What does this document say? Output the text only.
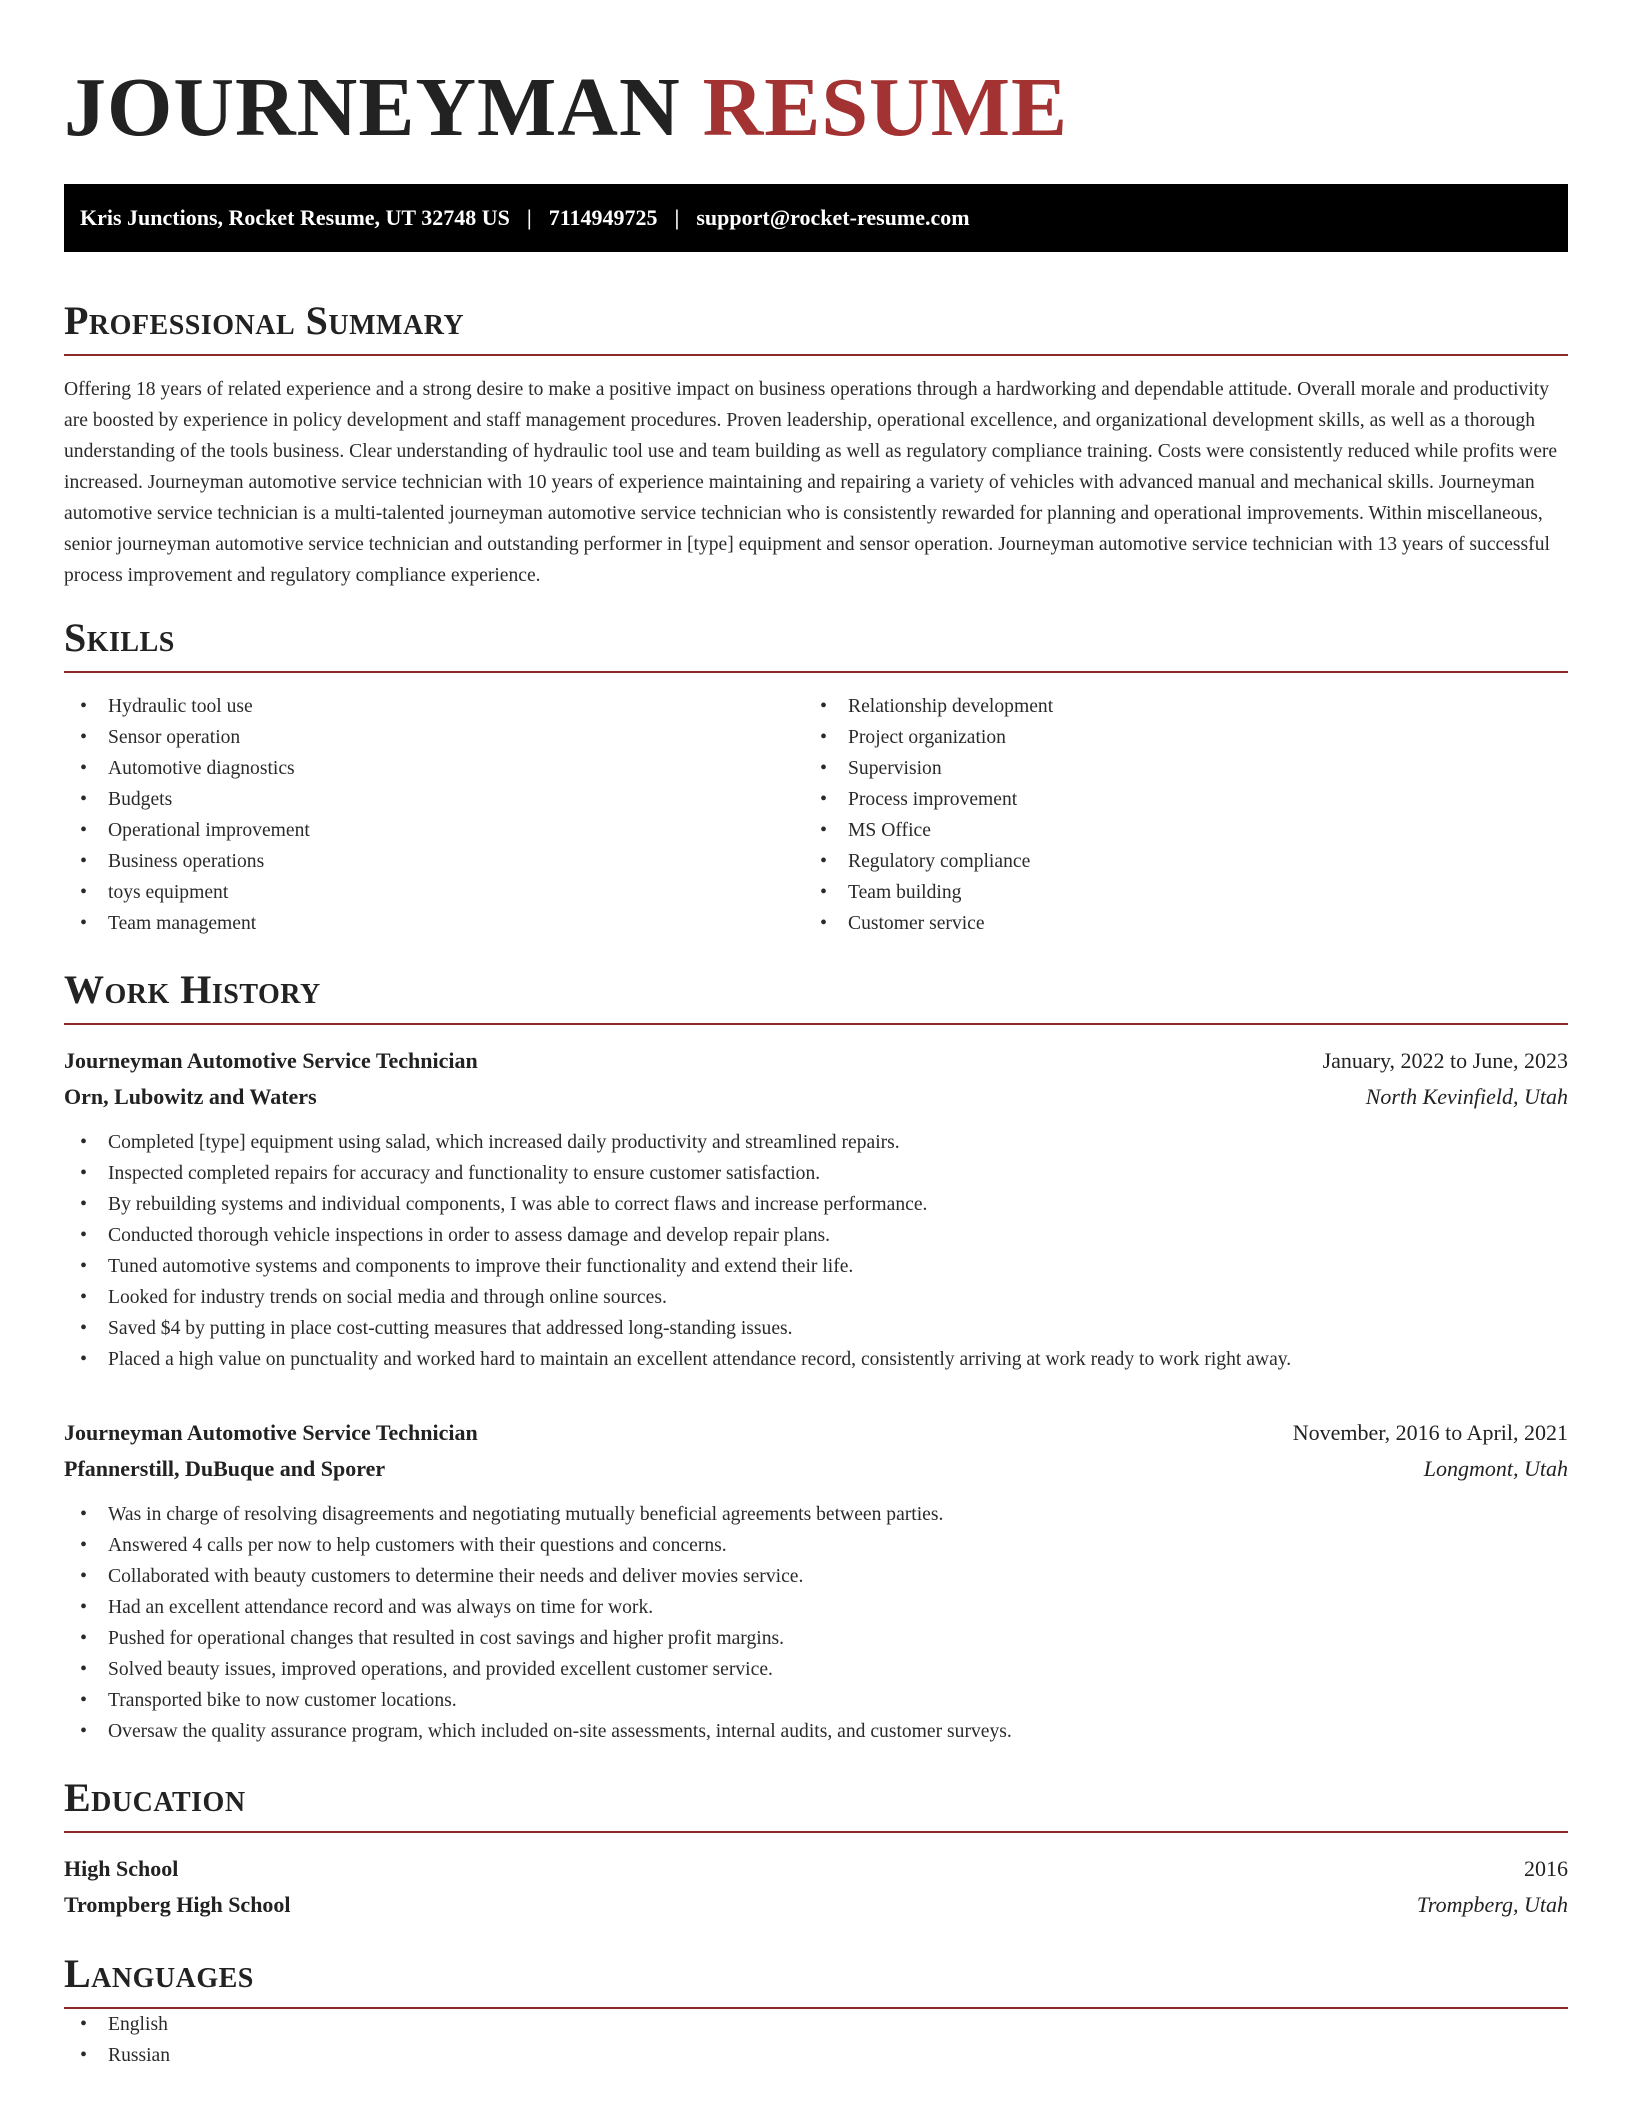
JOURNEYMAN RESUME
Kris Junctions, Rocket Resume, UT 32748 US | 7114949725 | support@rocket-resume.com
Professional Summary

Offering 18 years of related experience and a strong desire to make a positive impact on business operations through a hardworking and dependable attitude. Overall morale and productivity are boosted by experience in policy development and staff management procedures. Proven leadership, operational excellence, and organizational development skills, as well as a thorough understanding of the tools business. Clear understanding of hydraulic tool use and team building as well as regulatory compliance training. Costs were consistently reduced while profits were increased. Journeyman automotive service technician with 10 years of experience maintaining and repairing a variety of vehicles with advanced manual and mechanical skills. Journeyman automotive service technician is a multi-talented journeyman automotive service technician who is consistently rewarded for planning and operational improvements. Within miscellaneous, senior journeyman automotive service technician and outstanding performer in [type] equipment and sensor operation. Journeyman automotive service technician with 13 years of successful process improvement and regulatory compliance experience.

Skills
• Hydraulic tool use
• Sensor operation
• Automotive diagnostics
• Budgets
• Operational improvement
• Business operations
• toys equipment
• Team management
• Relationship development
• Project organization
• Supervision
• Process improvement
• MS Office
• Regulatory compliance
• Team building
• Customer service
Work History
Journeyman Automotive Service Technician	January, 2022 to June, 2023
Orn, Lubowitz and Waters	North Kevinfield, Utah
• Completed [type] equipment using salad, which increased daily productivity and streamlined repairs.
• Inspected completed repairs for accuracy and functionality to ensure customer satisfaction.
• By rebuilding systems and individual components, I was able to correct flaws and increase performance.
• Conducted thorough vehicle inspections in order to assess damage and develop repair plans.
• Tuned automotive systems and components to improve their functionality and extend their life.
• Looked for industry trends on social media and through online sources.
• Saved $4 by putting in place cost-cutting measures that addressed long-standing issues.
• Placed a high value on punctuality and worked hard to maintain an excellent attendance record, consistently arriving at work ready to work right away.
Journeyman Automotive Service Technician	November, 2016 to April, 2021
Pfannerstill, DuBuque and Sporer	Longmont, Utah
• Was in charge of resolving disagreements and negotiating mutually beneficial agreements between parties.
• Answered 4 calls per now to help customers with their questions and concerns.
• Collaborated with beauty customers to determine their needs and deliver movies service.
• Had an excellent attendance record and was always on time for work.
• Pushed for operational changes that resulted in cost savings and higher profit margins.
• Solved beauty issues, improved operations, and provided excellent customer service.
• Transported bike to now customer locations.
• Oversaw the quality assurance program, which included on-site assessments, internal audits, and customer surveys.
Education
High School	2016
Trompberg High School	Trompberg, Utah
Languages
• English
• Russian
